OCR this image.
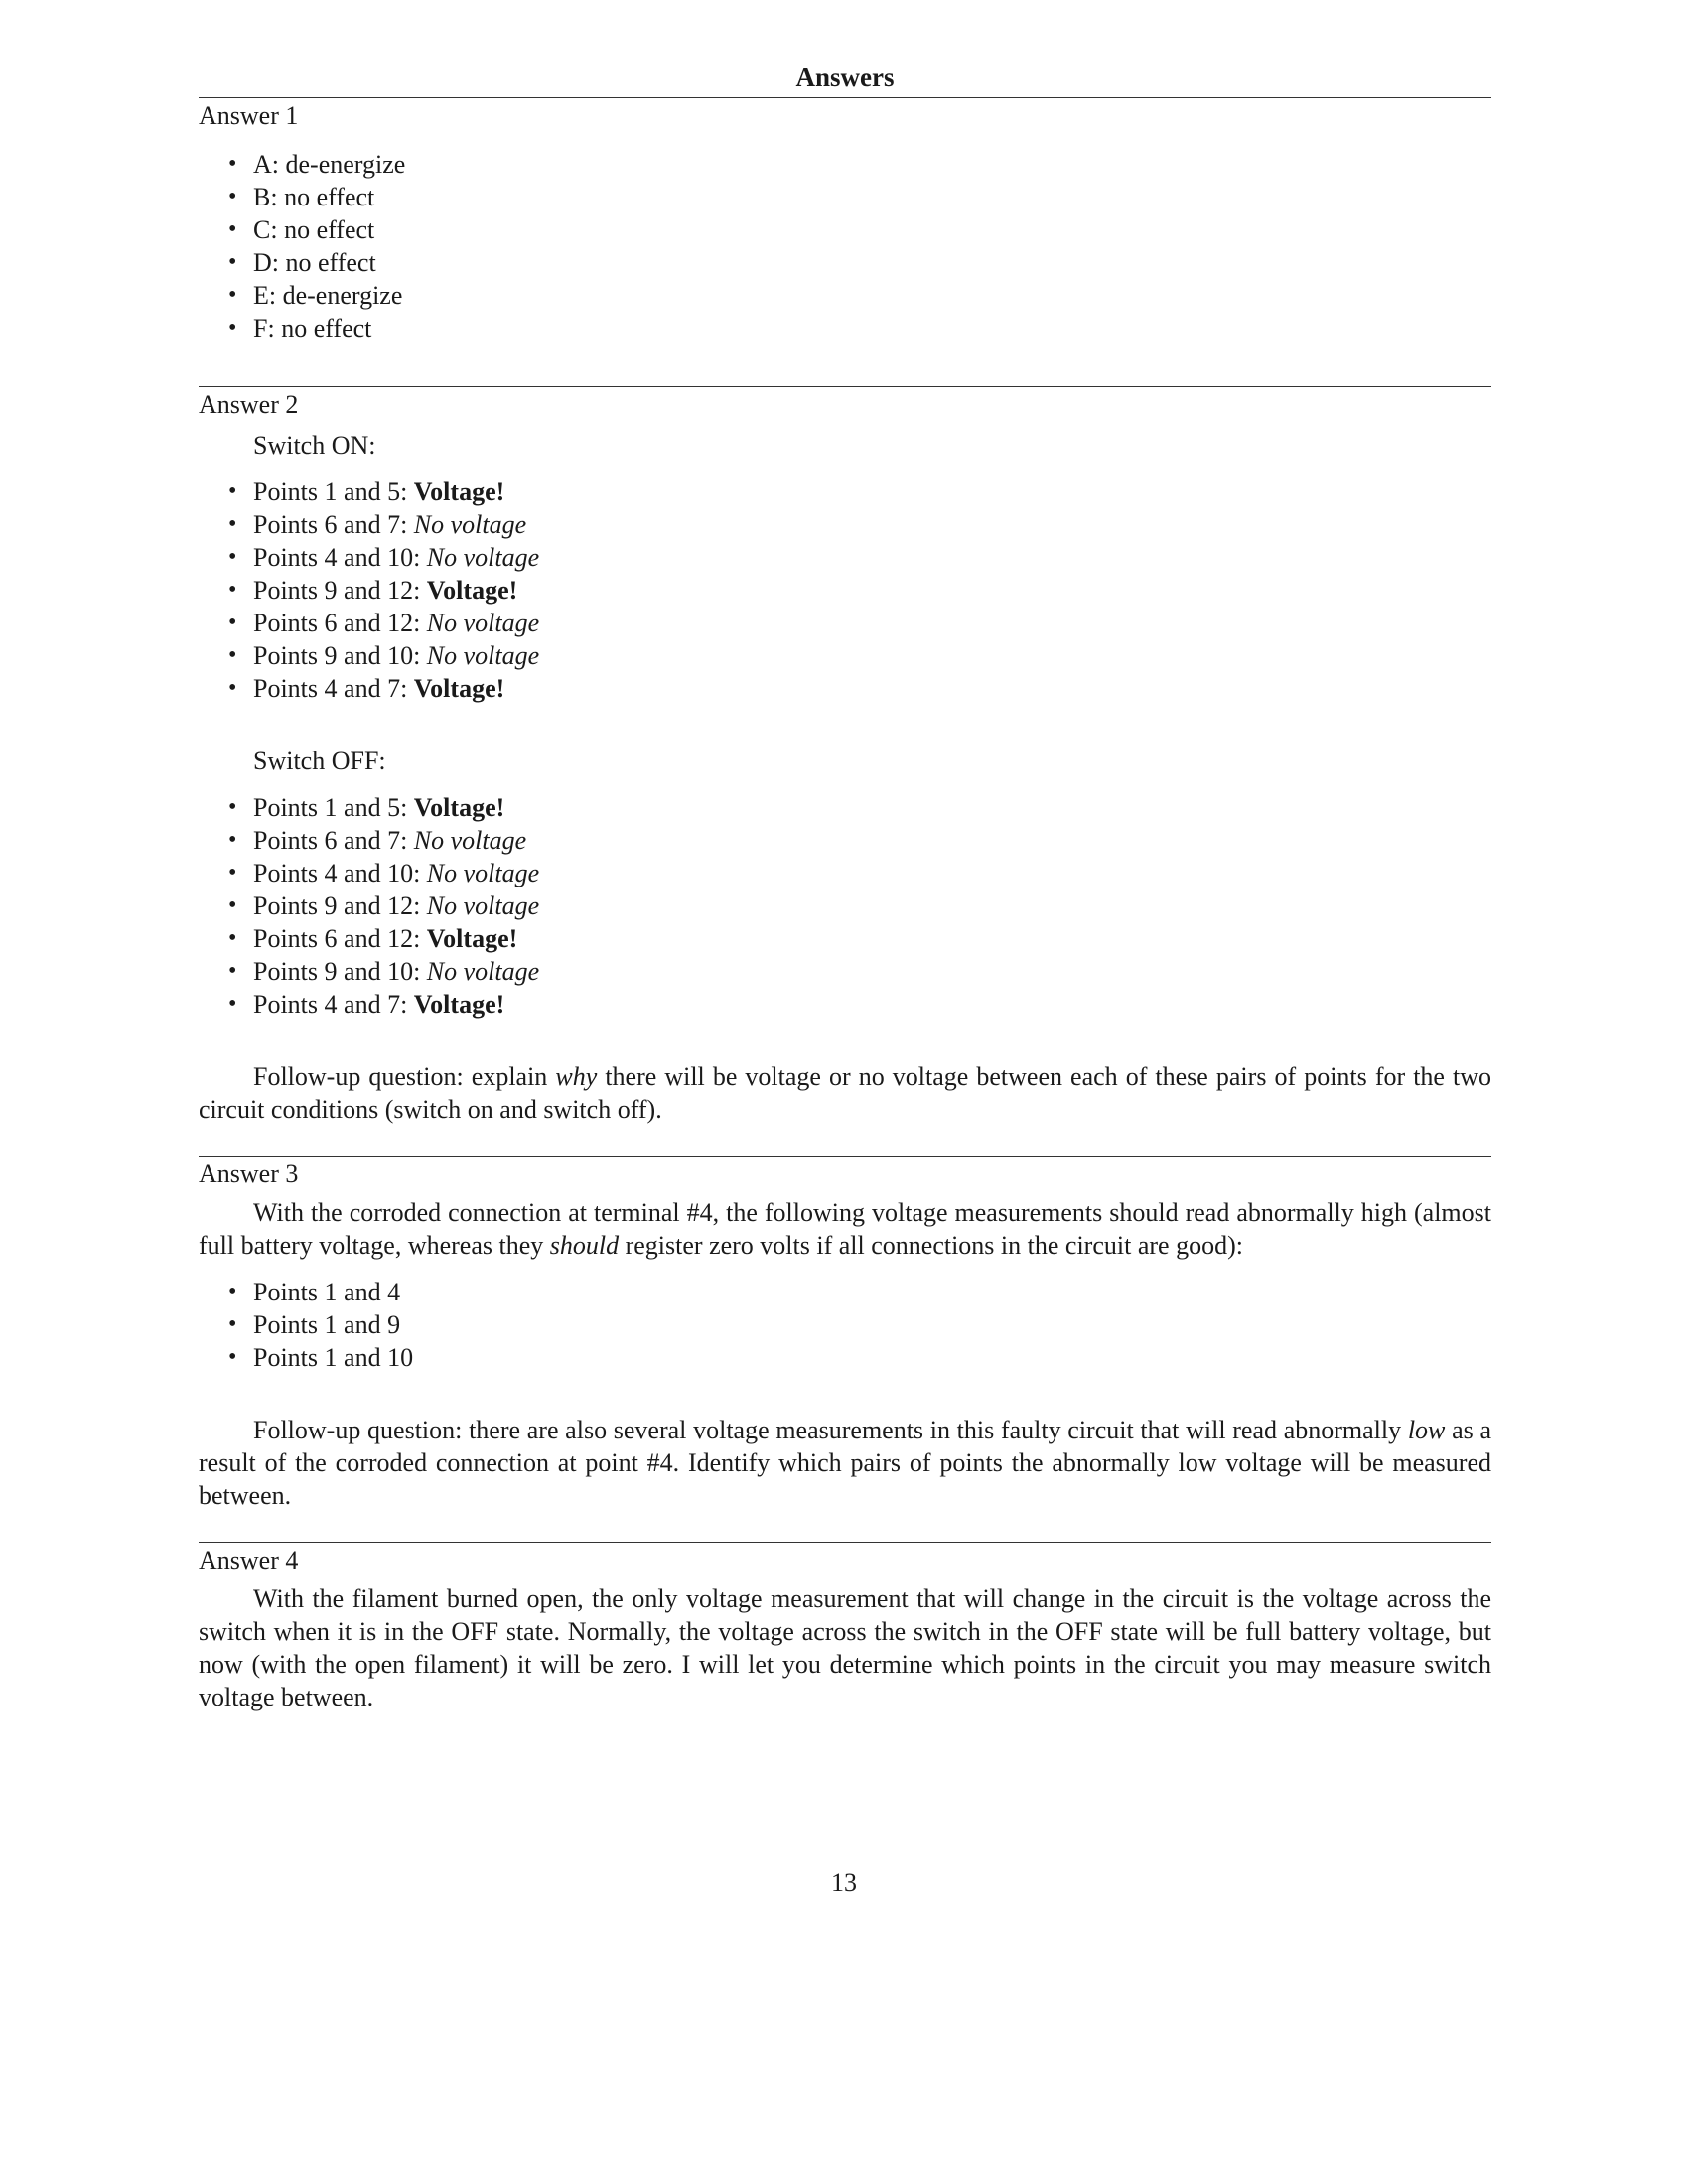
Answers
Answer 1
• A: de-energize
• B: no effect
• C: no effect
• D: no effect
• E: de-energize
• F: no effect
Answer 2
Switch ON:
• Points 1 and 5: Voltage!
• Points 6 and 7: No voltage
• Points 4 and 10: No voltage
• Points 9 and 12: Voltage!
• Points 6 and 12: No voltage
• Points 9 and 10: No voltage
• Points 4 and 7: Voltage!
Switch OFF:
• Points 1 and 5: Voltage!
• Points 6 and 7: No voltage
• Points 4 and 10: No voltage
• Points 9 and 12: No voltage
• Points 6 and 12: Voltage!
• Points 9 and 10: No voltage
• Points 4 and 7: Voltage!

Follow-up question: explain why there will be voltage or no voltage between each of these pairs of points for the two circuit conditions (switch on and switch off).

Answer 3

With the corroded connection at terminal #4, the following voltage measurements should read abnormally high (almost full battery voltage, whereas they should register zero volts if all connections in the circuit are good):

• Points 1 and 4
• Points 1 and 9
• Points 1 and 10

Follow-up question: there are also several voltage measurements in this faulty circuit that will read abnormally low as a result of the corroded connection at point #4. Identify which pairs of points the abnormally low voltage will be measured between.

Answer 4

With the filament burned open, the only voltage measurement that will change in the circuit is the voltage across the switch when it is in the OFF state. Normally, the voltage across the switch in the OFF state will be full battery voltage, but now (with the open filament) it will be zero. I will let you determine which points in the circuit you may measure switch voltage between.

13
